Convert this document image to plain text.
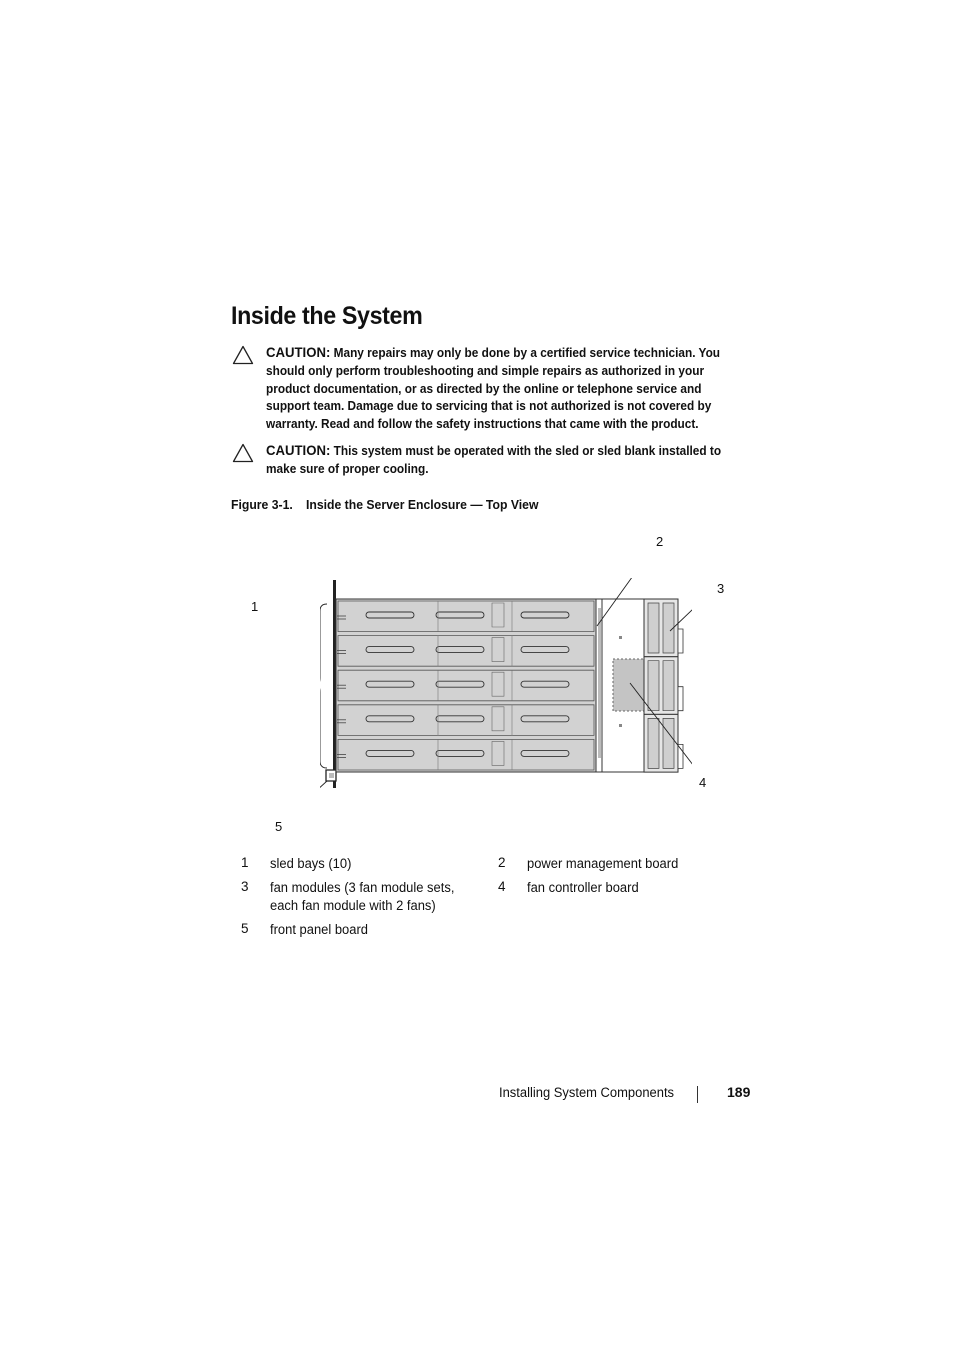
Inside the System
CAUTION: Many repairs may only be done by a certified service technician. You should only perform troubleshooting and simple repairs as authorized in your product documentation, or as directed by the online or telephone service and support team. Damage due to servicing that is not authorized is not covered by warranty. Read and follow the safety instructions that came with the product.
CAUTION: This system must be operated with the sled or sled blank installed to make sure of proper cooling.
Figure 3-1. Inside the Server Enclosure — Top View
1
2
3
4
5
1 sled bays (10)	2 power management board
3 fan modules (3 fan module sets, each fan module with 2 fans)
4 fan controller board
5 front panel board
Installing System Components	189
